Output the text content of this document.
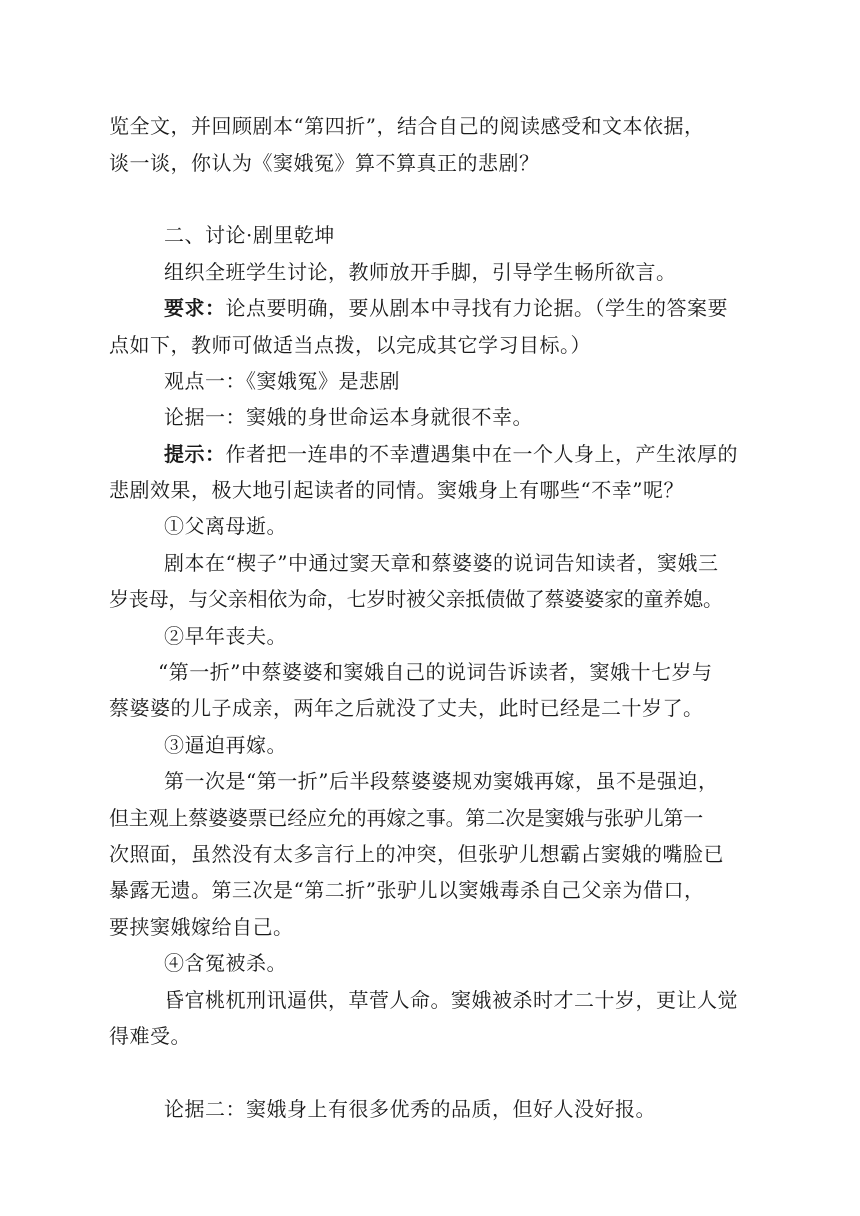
览全文，并回顾剧本“第四折”，结合自己的阅读感受和文本依据，
谈一谈，你认为《窦娥冤》算不算真正的悲剧？
二、讨论·剧里乾坤
组织全班学生讨论，教师放开手脚，引导学生畅所欲言。
要求：论点要明确，要从剧本中寻找有力论据。（学生的答案要
点如下，教师可做适当点拨，以完成其它学习目标。）
观点一：《窦娥冤》是悲剧
论据一：窦娥的身世命运本身就很不幸。
提示：作者把一连串的不幸遭遇集中在一个人身上，产生浓厚的
悲剧效果，极大地引起读者的同情。窦娥身上有哪些“不幸”呢？
①父离母逝。
剧本在“楔子”中通过窦天章和蔡婆婆的说词告知读者，窦娥三
岁丧母，与父亲相依为命，七岁时被父亲抵债做了蔡婆婆家的童养媳。
②早年丧夫。
“第一折”中蔡婆婆和窦娥自己的说词告诉读者，窦娥十七岁与
蔡婆婆的儿子成亲，两年之后就没了丈夫，此时已经是二十岁了。
③逼迫再嫁。
第一次是“第一折”后半段蔡婆婆规劝窦娥再嫁，虽不是强迫，
但主观上蔡婆婆票已经应允的再嫁之事。第二次是窦娥与张驴儿第一
次照面，虽然没有太多言行上的冲突，但张驴儿想霸占窦娥的嘴脸已
暴露无遗。第三次是“第二折”张驴儿以窦娥毒杀自己父亲为借口，
要挟窦娥嫁给自己。
④含冤被杀。
昏官桃杌刑讯逼供，草菅人命。窦娥被杀时才二十岁，更让人觉
得难受。
论据二：窦娥身上有很多优秀的品质，但好人没好报。
